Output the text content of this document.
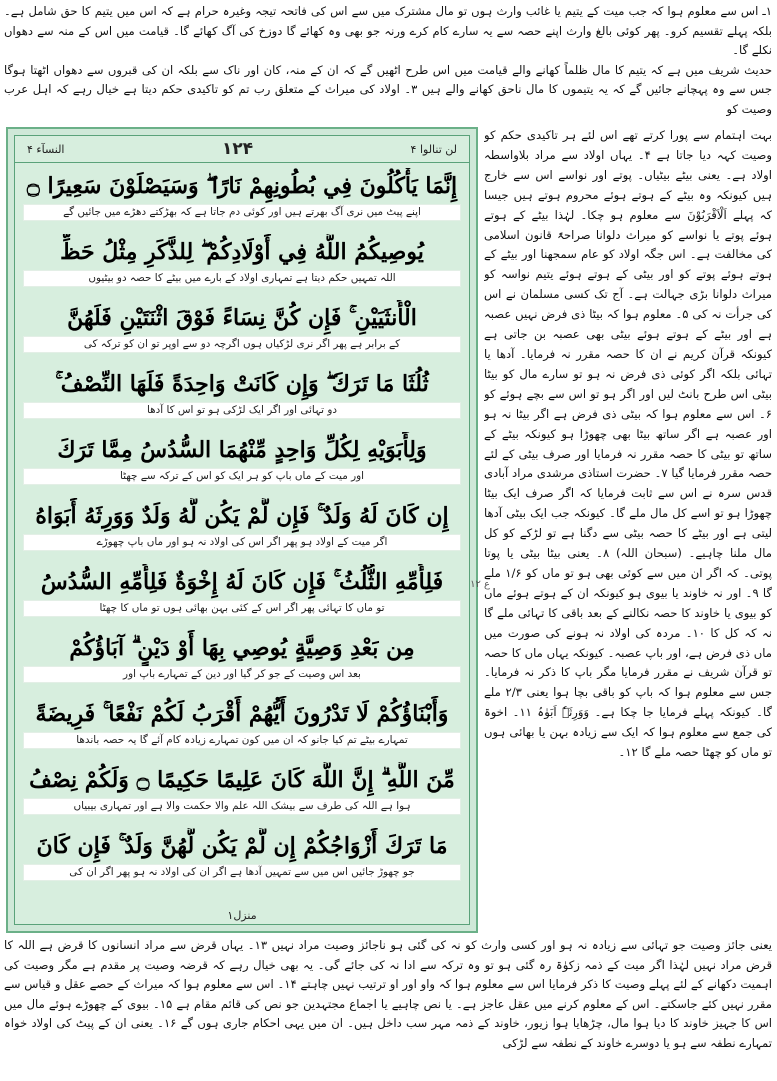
۱ـ اس سے معلوم ہوا کہ جب میت کے یتیم یا غائب وارث ہوں تو مال مشترک میں سے اس کی فاتحہ تیجہ وغیرہ حرام ہے کہ اس میں یتیم کا حق شامل ہے۔ بلکہ پہلے تقسیم کرو۔ پھر کوئی بالغ وارث اپنے حصہ سے یہ سارے کام کرے ورنہ جو بھی وہ کھائے گا دوزخ کی آگ کھائے گا۔ قیامت میں اس کے منہ سے دھواں نکلے گا۔
حدیث شریف میں ہے کہ یتیم کا مال ظلماً کھانے والے قیامت میں اس طرح اٹھیں گے کہ ان کے منہ، کان اور ناک سے بلکہ ان کی قبروں سے دھواں اٹھتا ہوگا جس سے وہ پہچانے جائیں گے کہ یہ یتیموں کا مال ناحق کھانے والے ہیں ۳۔ اولاد کی میراث کے متعلق رب تم کو تاکیدی حکم دیتا ہے خیال رہے کہ اہل عرب وصیت کو
النسآء ۴	۱۲۴	لن تنالوا ۴
إِنَّمَا يَأْكُلُونَ فِي بُطُونِهِمْ نَارًا ۖ وَسَيَصْلَوْنَ سَعِيرًا ۝
اپنے پیٹ میں نری آگ بھرتے ہیں اور کوئی دم جاتا ہے کہ بھڑکتے دھڑے میں جائیں گے
يُوصِيكُمُ اللَّهُ فِي أَوْلَادِكُمْ ۖ لِلذَّكَرِ مِثْلُ حَظِّ
اللہ تمہیں حکم دیتا ہے تمہاری اولاد کے بارے میں بیٹے کا حصہ دو بیٹیوں
الْأُنثَيَيْنِ ۚ فَإِن كُنَّ نِسَاءً فَوْقَ اثْنَتَيْنِ فَلَهُنَّ
کے برابر ہے پھر اگر نری لڑکیاں ہوں اگرچہ دو سے اوپر تو ان کو ترکہ کی
ثُلُثَا مَا تَرَكَ ۖ وَإِن كَانَتْ وَاحِدَةً فَلَهَا النِّصْفُ ۚ
دو تہائی اور اگر ایک لڑکی ہو تو اس کا آدھا
وَلِأَبَوَيْهِ لِكُلِّ وَاحِدٍ مِّنْهُمَا السُّدُسُ مِمَّا تَرَكَ
اور میت کے ماں باپ کو ہر ایک کو اس کے ترکہ سے چھٹا
إِن كَانَ لَهُ وَلَدٌ ۚ فَإِن لَّمْ يَكُن لَّهُ وَلَدٌ وَوَرِثَهُ أَبَوَاهُ
اگر میت کے اولاد ہو پھر اگر اس کی اولاد نہ ہو اور ماں باپ چھوڑے
فَلِأُمِّهِ الثُّلُثُ ۚ فَإِن كَانَ لَهُ إِخْوَةٌ فَلِأُمِّهِ السُّدُسُ
تو ماں کا تہائی پھر اگر اس کے کئی بہن بھائی ہوں تو ماں کا چھٹا
مِن بَعْدِ وَصِيَّةٍ يُوصِي بِهَا أَوْ دَيْنٍ ۗ آبَاؤُكُمْ
بعد اس وصیت کے جو کر گیا اور دین کے تمہارے باپ اور
وَأَبْنَاؤُكُمْ لَا تَدْرُونَ أَيُّهُمْ أَقْرَبُ لَكُمْ نَفْعًا ۚ فَرِيضَةً
تمہارے بیٹے تم کیا جانو کہ ان میں کون تمہارے زیادہ کام آئے گا یہ حصہ باندھا
مِّنَ اللَّهِ ۗ إِنَّ اللَّهَ كَانَ عَلِيمًا حَكِيمًا ۝ وَلَكُمْ نِصْفُ
ہوا ہے اللہ کی طرف سے بیشک اللہ علم والا حکمت والا ہے اور تمہاری بیبیاں
مَا تَرَكَ أَزْوَاجُكُمْ إِن لَّمْ يَكُن لَّهُنَّ وَلَدٌ ۚ فَإِن كَانَ
جو چھوڑ جائیں اس میں سے تمہیں آدھا ہے اگر ان کی اولاد نہ ہو پھر اگر ان کی
منزل۱
ع ۱۲
بہت اہتمام سے پورا کرتے تھے اس لئے ہر تاکیدی حکم کو وصیت کہہ دیا جاتا ہے ۴۔ یہاں اولاد سے مراد بلاواسطہ اولاد ہے۔ یعنی بیٹے بیٹیاں۔ پوتے اور نواسے اس سے خارج ہیں کیونکہ وہ بیٹے کے ہوتے ہوئے محروم ہوتے ہیں جیسا کہ پہلے اَلْاَقْرَبُوْنَ سے معلوم ہو چکا۔ لہٰذا بیٹے کے ہوتے ہوئے پوتے یا نواسے کو میراث دلوانا صراحۃً قانون اسلامی کی مخالفت ہے۔ اس جگہ اولاد کو عام سمجھنا اور بیٹے کے ہوتے ہوئے پوتے کو اور بیٹی کے ہوتے ہوئے یتیم نواسہ کو میراث دلوانا بڑی جہالت ہے۔ آج تک کسی مسلمان نے اس کی جرأت نہ کی ۵۔ معلوم ہوا کہ بیٹا ذی فرض نہیں عصبہ ہے اور بیٹے کے ہوتے ہوئے بیٹی بھی عصبہ بن جاتی ہے کیونکہ قرآن کریم نے ان کا حصہ مقرر نہ فرمایا۔ آدھا یا تہائی بلکہ اگر کوئی ذی فرض نہ ہو تو سارے مال کو بیٹا بیٹی اس طرح بانٹ لیں اور اگر ہو تو اس سے بچے ہوئے کو ۶۔ اس سے معلوم ہوا کہ بیٹی ذی فرض ہے اگر بیٹا نہ ہو اور عصبہ ہے اگر ساتھ بیٹا بھی چھوڑا ہو کیونکہ بیٹے کے ساتھ تو بیٹی کا حصہ مقرر نہ فرمایا اور صرف بیٹی کے لئے حصہ مقرر فرمایا گیا ۷۔ حضرت استاذی مرشدی مراد آبادی قدس سرہ نے اس سے ثابت فرمایا کہ اگر صرف ایک بیٹا چھوڑا ہو تو اسے کل مال ملے گا۔ کیونکہ جب ایک بیٹی آدھا لیتی ہے اور بیٹے کا حصہ بیٹی سے دگنا ہے تو لڑکے کو کل مال ملنا چاہیے۔ (سبحان اللہ) ۸۔ یعنی بیٹا بیٹی یا پوتا پوتی۔ کہ اگر ان میں سے کوئی بھی ہو تو ماں کو ۱/۶ ملے گا ۹۔ اور نہ خاوند یا بیوی ہو کیونکہ ان کے ہوتے ہوئے ماں کو بیوی یا خاوند کا حصہ نکالنے کے بعد باقی کا تہائی ملے گا نہ کہ کل کا ۱۰۔ مردہ کی اولاد نہ ہونے کی صورت میں ماں ذی فرض ہے، اور باپ عصبہ۔ کیونکہ یہاں ماں کا حصہ تو قرآن شریف نے مقرر فرمایا مگر باپ کا ذکر نہ فرمایا۔ جس سے معلوم ہوا کہ باپ کو باقی بچا ہوا یعنی ۲/۳ ملے گا۔ کیونکہ پہلے فرمایا جا چکا ہے۔ وَوَرِثَہٗ اَبَوٰہُ ۱۱۔ اخوۃ کی جمع سے معلوم ہوا کہ ایک سے زیادہ بہن یا بھائی ہوں تو ماں کو چھٹا حصہ ملے گا ۱۲۔
یعنی جائز وصیت جو تہائی سے زیادہ نہ ہو اور کسی وارث کو نہ کی گئی ہو ناجائز وصیت مراد نہیں ۱۳۔ یہاں قرض سے مراد انسانوں کا قرض ہے اللہ کا قرض مراد نہیں لہٰذا اگر میت کے ذمہ زکوٰۃ رہ گئی ہو تو وہ ترکہ سے ادا نہ کی جائے گی۔ یہ بھی خیال رہے کہ قرضہ وصیت پر مقدم ہے مگر وصیت کی اہمیت دکھانے کے لئے پہلے وصیت کا ذکر فرمایا اس سے معلوم ہوا کہ واو اور او ترتیب نہیں چاہتے ۱۴۔ اس سے معلوم ہوا کہ میراث کے حصے عقل و قیاس سے مقرر نہیں کئے جاسکتے۔ اس کے معلوم کرنے میں عقل عاجز ہے۔ یا نص چاہیے یا اجماع مجتہدین جو نص کی قائم مقام ہے ۱۵۔ بیوی کے چھوڑے ہوئے مال میں اس کا جہیز خاوند کا دیا ہوا مال، چڑھایا ہوا زیور، خاوند کے ذمہ مہر سب داخل ہیں۔ ان میں یہی احکام جاری ہوں گے ۱۶۔ یعنی ان کے پیٹ کی اولاد خواہ تمہارے نطفہ سے ہو یا دوسرے خاوند کے نطفہ سے لڑکی
